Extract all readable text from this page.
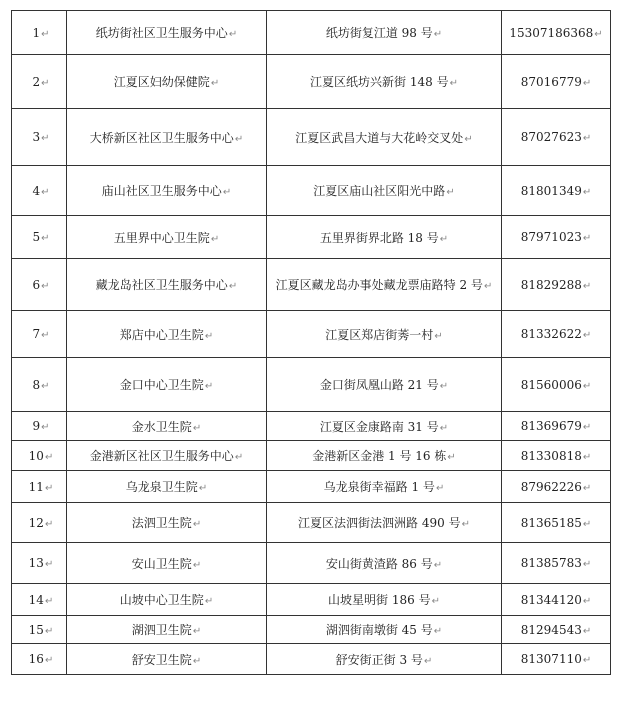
1↵	纸坊街社区卫生服务中心↵	纸坊街复江道 98 号↵	15307186368↵
2↵	江夏区妇幼保健院↵	江夏区纸坊兴新街 148 号↵	87016779↵
3↵	大桥新区社区卫生服务中心↵	江夏区武昌大道与大花岭交叉处↵	87027623↵
4↵	庙山社区卫生服务中心↵	江夏区庙山社区阳光中路↵	81801349↵
5↵	五里界中心卫生院↵	五里界街界北路 18 号↵	87971023↵
6↵	藏龙岛社区卫生服务中心↵	江夏区藏龙岛办事处藏龙票庙路特 2 号↵	81829288↵
7↵	郑店中心卫生院↵	江夏区郑店街莠一村↵	81332622↵
8↵	金口中心卫生院↵	金口街凤凰山路 21 号↵	81560006↵
9↵	金水卫生院↵	江夏区金康路南 31 号↵	81369679↵
10↵	金港新区社区卫生服务中心↵	金港新区金港 1 号 16 栋↵	81330818↵
11↵	乌龙泉卫生院↵	乌龙泉街幸福路 1 号↵	87962226↵
12↵	法泗卫生院↵	江夏区法泗街法泗洲路 490 号↵	81365185↵
13↵	安山卫生院↵	安山街黄渣路 86 号↵	81385783↵
14↵	山坡中心卫生院↵	山坡星明街 186 号↵	81344120↵
15↵	湖泗卫生院↵	湖泗街南墩街 45 号↵	81294543↵
16↵	舒安卫生院↵	舒安街正街 3 号↵	81307110↵
